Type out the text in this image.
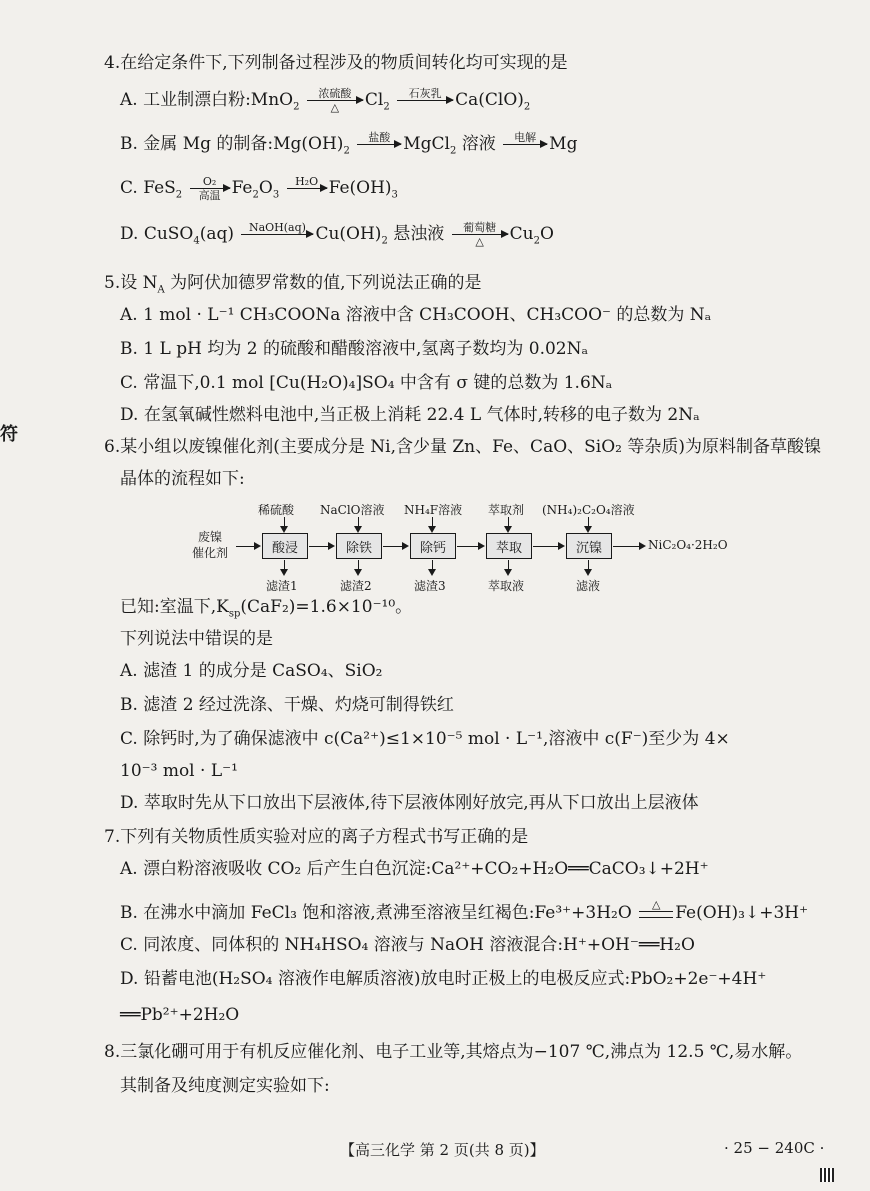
4.在给定条件下,下列制备过程涉及的物质间转化均可实现的是
A. 工业制漂白粉:MnO$_2$
浓硫酸
△	$Cl_2$
石灰乳
$Ca(ClO)_2$
B. 金属 Mg 的制备$:Mg(OH)_2$
盐酸
MgCl$_2$ 溶液	电解
Mg
C. FeS$_2$
O₂
高温 $Fe_2O_3$
H₂O
$Fe(OH)_3$
D. CuSO$_4$(aq)	NaOH(aq)
$Cu(OH)_2$ 悬浊液	葡萄糖
△	$Cu_2O$
5.设 $N_A$ 为阿伏加德罗常数的值,下列说法正确的是
A. 1 mol · L⁻¹ CH₃COONa 溶液中含 CH₃COOH、CH₃COO⁻ 的总数为 Nₐ
B. 1 L pH 均为 2 的硫酸和醋酸溶液中,氢离子数均为 0.02Nₐ
C. 常温下,0.1 mol [Cu(H₂O)₄]SO₄ 中含有 σ 键的总数为 1.6Nₐ
D. 在氢氧碱性燃料电池中,当正极上消耗 22.4 L 气体时,转移的电子数为 2Nₐ
符
6.某小组以废镍催化剂(主要成分是 Ni,含少量 Zn、Fe、CaO、SiO₂ 等杂质)为原料制备草酸镍
晶体的流程如下:
废镍
催化剂
稀硫酸 NaClO溶液 NH₄F溶液 萃取剂 (NH₄)₂C₂O₄溶液
酸浸	除铁	除钙	萃取	沉镍	NiC₂O₄·2H₂O
滤渣1	滤渣2	滤渣3	萃取液	滤液
已知:室温下$,K_{sp}(CaF_2)=1.6\times 10^{-10}$。
下列说法中错误的是
A. 滤渣 1 的成分是 CaSO₄、SiO₂
B. 滤渣 2 经过洗涤、干燥、灼烧可制得铁红
C. 除钙时,为了确保滤液中 c(Ca²⁺)≤1×10⁻⁵ mol · L⁻¹,溶液中 c(F⁻)至少为 4×
10⁻³ mol · L⁻¹
D. 萃取时先从下口放出下层液体,待下层液体刚好放完,再从下口放出上层液体
7.下列有关物质性质实验对应的离子方程式书写正确的是
A. 漂白粉溶液吸收 CO₂ 后产生白色沉淀:Ca²⁺+CO₂+H₂O══CaCO₃↓+2H⁺
B. 在沸水中滴加 FeCl₃ 饱和溶液,煮沸至溶液呈红褐色:Fe³⁺+3H₂O	△ Fe(OH)₃↓+3H⁺
C. 同浓度、同体积的 NH₄HSO₄ 溶液与 NaOH 溶液混合:H⁺+OH⁻══H₂O
D. 铅蓄电池(H₂SO₄ 溶液作电解质溶液)放电时正极上的电极反应式:PbO₂+2e⁻+4H⁺
══Pb²⁺+2H₂O
8.三氯化硼可用于有机反应催化剂、电子工业等,其熔点为−107 ℃,沸点为 12.5 ℃,易水解。
其制备及纯度测定实验如下:
【高三化学 第 2 页(共 8 页)】	· 25 − 240C ·
